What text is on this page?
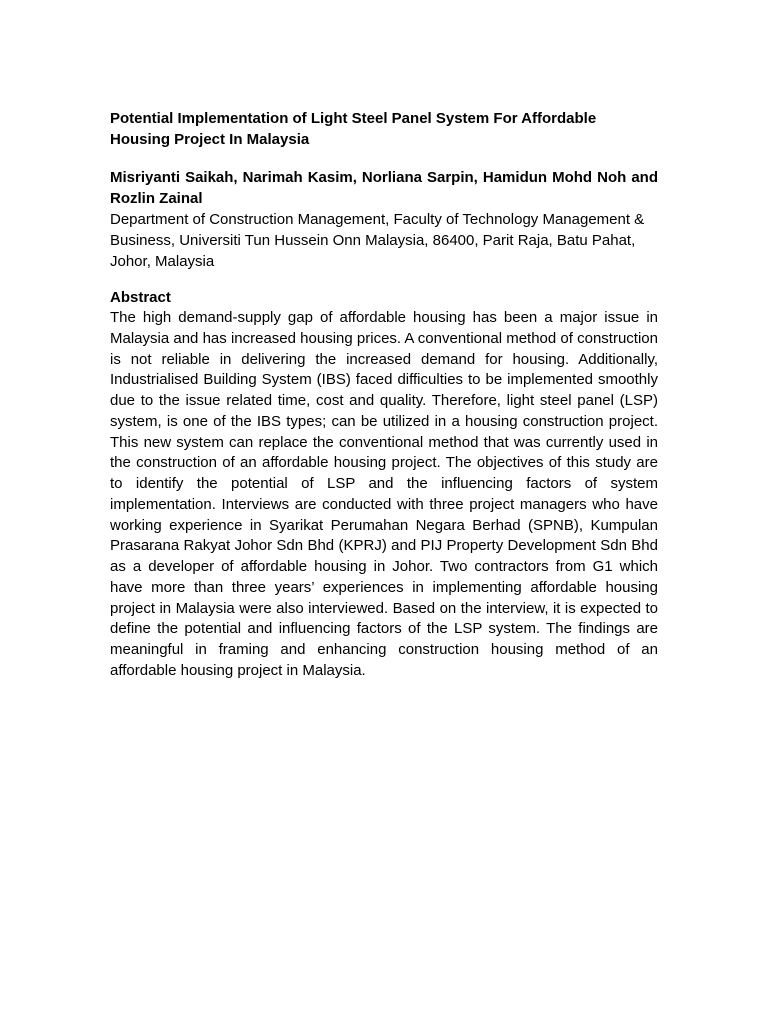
Potential Implementation of Light Steel Panel System For Affordable Housing Project In Malaysia

Misriyanti Saikah, Narimah Kasim, Norliana Sarpin, Hamidun Mohd Noh and Rozlin Zainal

Department of Construction Management, Faculty of Technology Management & Business, Universiti Tun Hussein Onn Malaysia, 86400, Parit Raja, Batu Pahat, Johor, Malaysia

Abstract

The high demand-supply gap of affordable housing has been a major issue in Malaysia and has increased housing prices. A conventional method of construction is not reliable in delivering the increased demand for housing. Additionally, Industrialised Building System (IBS) faced difficulties to be implemented smoothly due to the issue related time, cost and quality. Therefore, light steel panel (LSP) system, is one of the IBS types; can be utilized in a housing construction project. This new system can replace the conventional method that was currently used in the construction of an affordable housing project. The objectives of this study are to identify the potential of LSP and the influencing factors of system implementation. Interviews are conducted with three project managers who have working experience in Syarikat Perumahan Negara Berhad (SPNB), Kumpulan Prasarana Rakyat Johor Sdn Bhd (KPRJ) and PIJ Property Development Sdn Bhd as a developer of affordable housing in Johor. Two contractors from G1 which have more than three years’ experiences in implementing affordable housing project in Malaysia were also interviewed. Based on the interview, it is expected to define the potential and influencing factors of the LSP system. The findings are meaningful in framing and enhancing construction housing method of an affordable housing project in Malaysia.
